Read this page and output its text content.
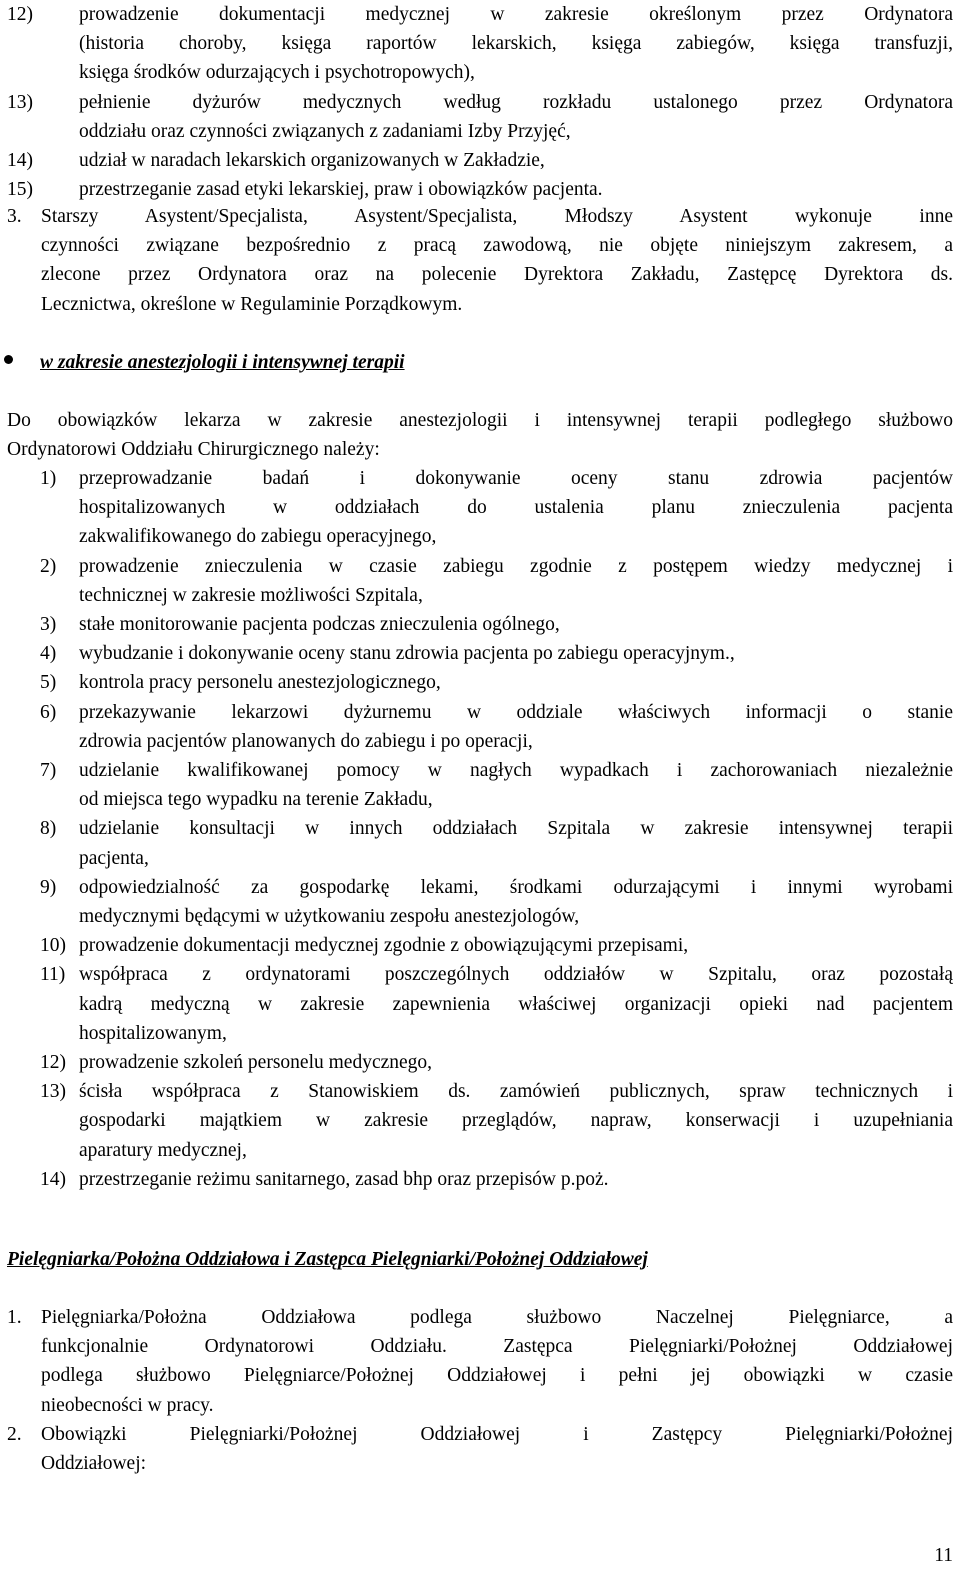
12) prowadzenie dokumentacji medycznej w zakresie określonym przez Ordynatora
(historia choroby, księga raportów lekarskich, księga zabiegów, księga transfuzji,
księga środków odurzających i psychotropowych),
13) pełnienie dyżurów medycznych według rozkładu ustalonego przez Ordynatora
oddziału oraz czynności związanych z zadaniami Izby Przyjęć,
14) udział w naradach lekarskich organizowanych w Zakładzie,
15) przestrzeganie zasad etyki lekarskiej, praw i obowiązków pacjenta.
3. Starszy Asystent/Specjalista, Asystent/Specjalista, Młodszy Asystent wykonuje inne
czynności związane bezpośrednio z pracą zawodową, nie objęte niniejszym zakresem, a
zlecone przez Ordynatora oraz na polecenie Dyrektora Zakładu, Zastępcę Dyrektora ds.
Lecznictwa, określone w Regulaminie Porządkowym.
w zakresie anestezjologii i intensywnej terapii
Do obowiązków lekarza w zakresie anestezjologii i intensywnej terapii podległego służbowo
Ordynatorowi Oddziału Chirurgicznego należy:
1) przeprowadzanie badań i dokonywanie oceny stanu zdrowia pacjentów
hospitalizowanych w oddziałach do ustalenia planu znieczulenia pacjenta
zakwalifikowanego do zabiegu operacyjnego,
2) prowadzenie znieczulenia w czasie zabiegu zgodnie z postępem wiedzy medycznej i
technicznej w zakresie możliwości Szpitala,
3) stałe monitorowanie pacjenta podczas znieczulenia ogólnego,
4) wybudzanie i dokonywanie oceny stanu zdrowia pacjenta po zabiegu operacyjnym.,
5) kontrola pracy personelu anestezjologicznego,
6) przekazywanie lekarzowi dyżurnemu w oddziale właściwych informacji o stanie
zdrowia pacjentów planowanych do zabiegu i po operacji,
7) udzielanie kwalifikowanej pomocy w nagłych wypadkach i zachorowaniach niezależnie
od miejsca tego wypadku na terenie Zakładu,
8) udzielanie konsultacji w innych oddziałach Szpitala w zakresie intensywnej terapii
pacjenta,
9) odpowiedzialność za gospodarkę lekami, środkami odurzającymi i innymi wyrobami
medycznymi będącymi w użytkowaniu zespołu anestezjologów,
10) prowadzenie dokumentacji medycznej zgodnie z obowiązującymi przepisami,
11) współpraca z ordynatorami poszczególnych oddziałów w Szpitalu, oraz pozostałą
kadrą medyczną w zakresie zapewnienia właściwej organizacji opieki nad pacjentem
hospitalizowanym,
12) prowadzenie szkoleń personelu medycznego,
13) ścisła współpraca z Stanowiskiem ds. zamówień publicznych, spraw technicznych i
gospodarki majątkiem w zakresie przeglądów, napraw, konserwacji i uzupełniania
aparatury medycznej,
14) przestrzeganie reżimu sanitarnego, zasad bhp oraz przepisów p.poż.
Pielęgniarka/Położna Oddziałowa i Zastępca Pielęgniarki/Położnej Oddziałowej
1. Pielęgniarka/Położna Oddziałowa podlega służbowo Naczelnej Pielęgniarce, a
funkcjonalnie Ordynatorowi Oddziału. Zastępca Pielęgniarki/Położnej Oddziałowej
podlega służbowo Pielęgniarce/Położnej Oddziałowej i pełni jej obowiązki w czasie
nieobecności w pracy.
2. Obowiązki Pielęgniarki/Położnej Oddziałowej i Zastępcy Pielęgniarki/Położnej
Oddziałowej:
11
